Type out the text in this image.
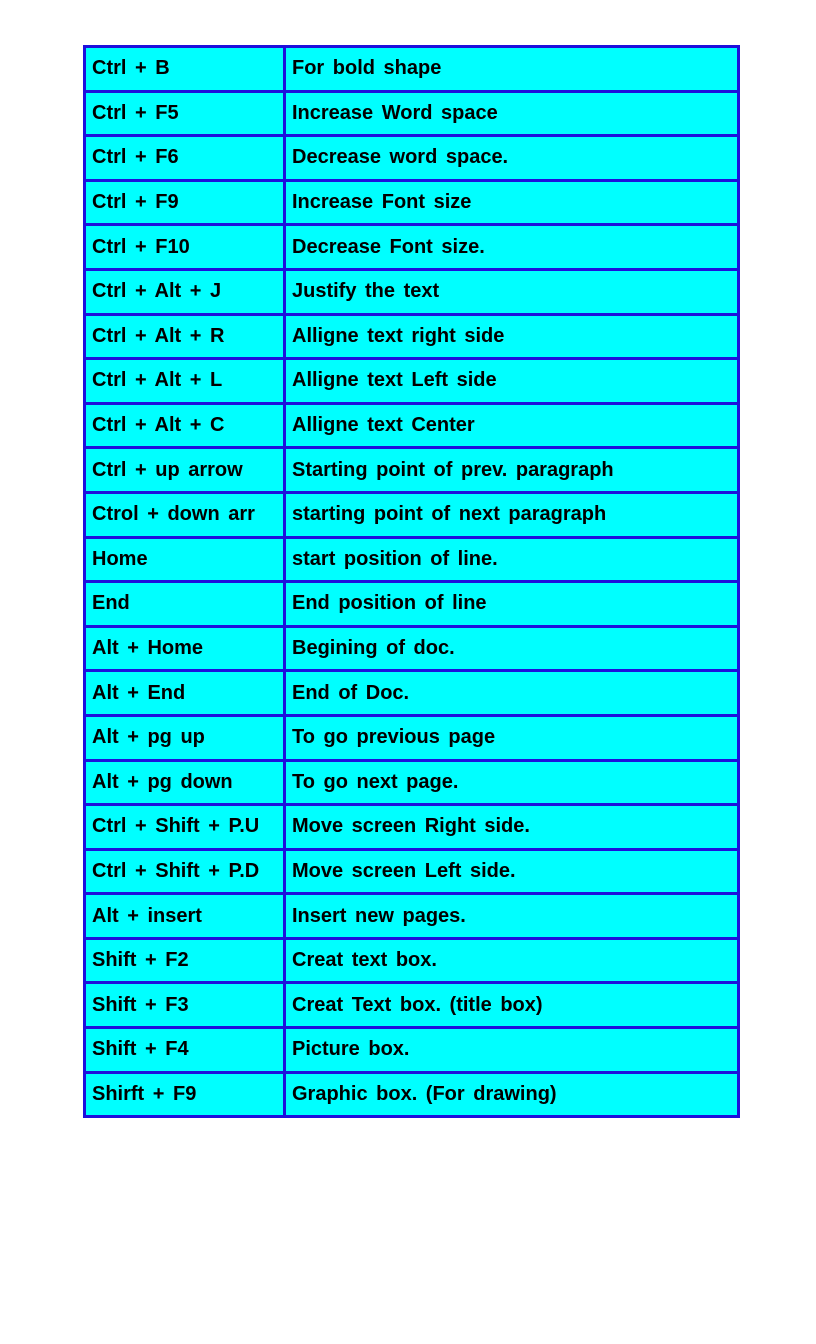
Ctrl + B	For bold shape
Ctrl + F5	Increase Word space
Ctrl + F6	Decrease word space.
Ctrl + F9	Increase Font size
Ctrl + F10	Decrease Font size.
Ctrl + Alt + J	Justify the text
Ctrl + Alt + R	Alligne text right side
Ctrl + Alt + L	Alligne text Left side
Ctrl + Alt + C	Alligne text Center
Ctrl + up arrow	Starting point of prev. paragraph
Ctrol + down arr	starting point of next paragraph
Home	start position of line.
End	End position of line
Alt + Home	Begining of doc.
Alt + End	End of Doc.
Alt + pg up	To go previous page
Alt + pg down	To go next page.
Ctrl + Shift + P.U	Move screen Right side.
Ctrl + Shift + P.D	Move screen Left side.
Alt + insert	Insert new pages.
Shift + F2	Creat text box.
Shift + F3	Creat Text box. (title box)
Shift + F4	Picture box.
Shirft + F9	Graphic box. (For drawing)
